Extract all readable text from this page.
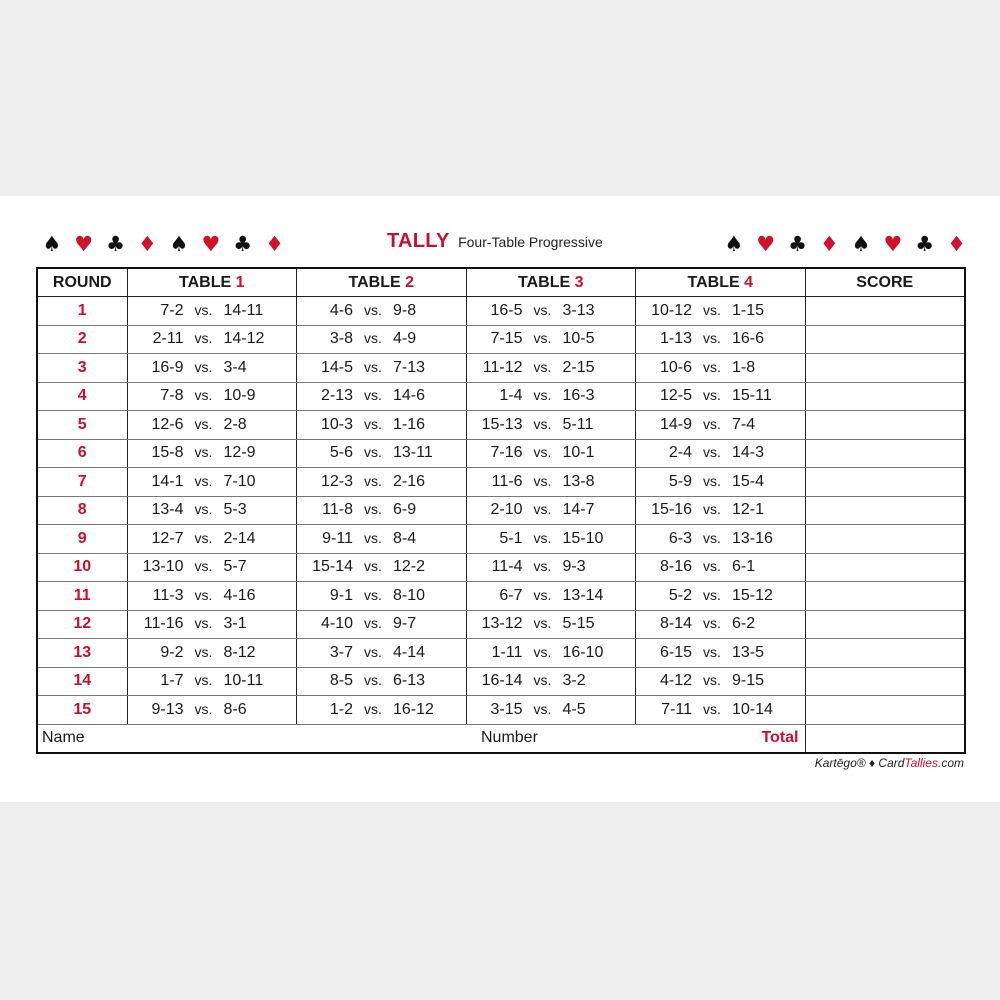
♠ ♥ ♣ ♦ ♠ ♥ ♣ ♦	♠ ♥ ♣ ♦ ♠ ♥ ♣ ♦
TALLY Four-Table Progressive
ROUND	TABLE 1	TABLE 2	TABLE 3	TABLE 4	SCORE
1	7-2 vs. 14-11	4-6 vs. 9-8	16-5 vs. 3-13	10-12 vs. 1-15	
2	2-11 vs. 14-12	3-8 vs. 4-9	7-15 vs. 10-5	1-13 vs. 16-6	
3	16-9 vs. 3-4	14-5 vs. 7-13	11-12 vs. 2-15	10-6 vs. 1-8	
4	7-8 vs. 10-9	2-13 vs. 14-6	1-4 vs. 16-3	12-5 vs. 15-11	
5	12-6 vs. 2-8	10-3 vs. 1-16	15-13 vs. 5-11	14-9 vs. 7-4	
6	15-8 vs. 12-9	5-6 vs. 13-11	7-16 vs. 10-1	2-4 vs. 14-3	
7	14-1 vs. 7-10	12-3 vs. 2-16	11-6 vs. 13-8	5-9 vs. 15-4	
8	13-4 vs. 5-3	11-8 vs. 6-9	2-10 vs. 14-7	15-16 vs. 12-1	
9	12-7 vs. 2-14	9-11 vs. 8-4	5-1 vs. 15-10	6-3 vs. 13-16	
10	13-10 vs. 5-7	15-14 vs. 12-2	11-4 vs. 9-3	8-16 vs. 6-1	
11	11-3 vs. 4-16	9-1 vs. 8-10	6-7 vs. 13-14	5-2 vs. 15-12	
12	11-16 vs. 3-1	4-10 vs. 9-7	13-12 vs. 5-15	8-14 vs. 6-2	
13	9-2 vs. 8-12	3-7 vs. 4-14	1-11 vs. 16-10	6-15 vs. 13-5	
14	1-7 vs. 10-11	8-5 vs. 6-13	16-14 vs. 3-2	4-12 vs. 9-15	
15	9-13 vs. 8-6	1-2 vs. 16-12	3-15 vs. 4-5	7-11 vs. 10-14	

Name Number Total					

Kartēgo® ♦ CardTallies.com
